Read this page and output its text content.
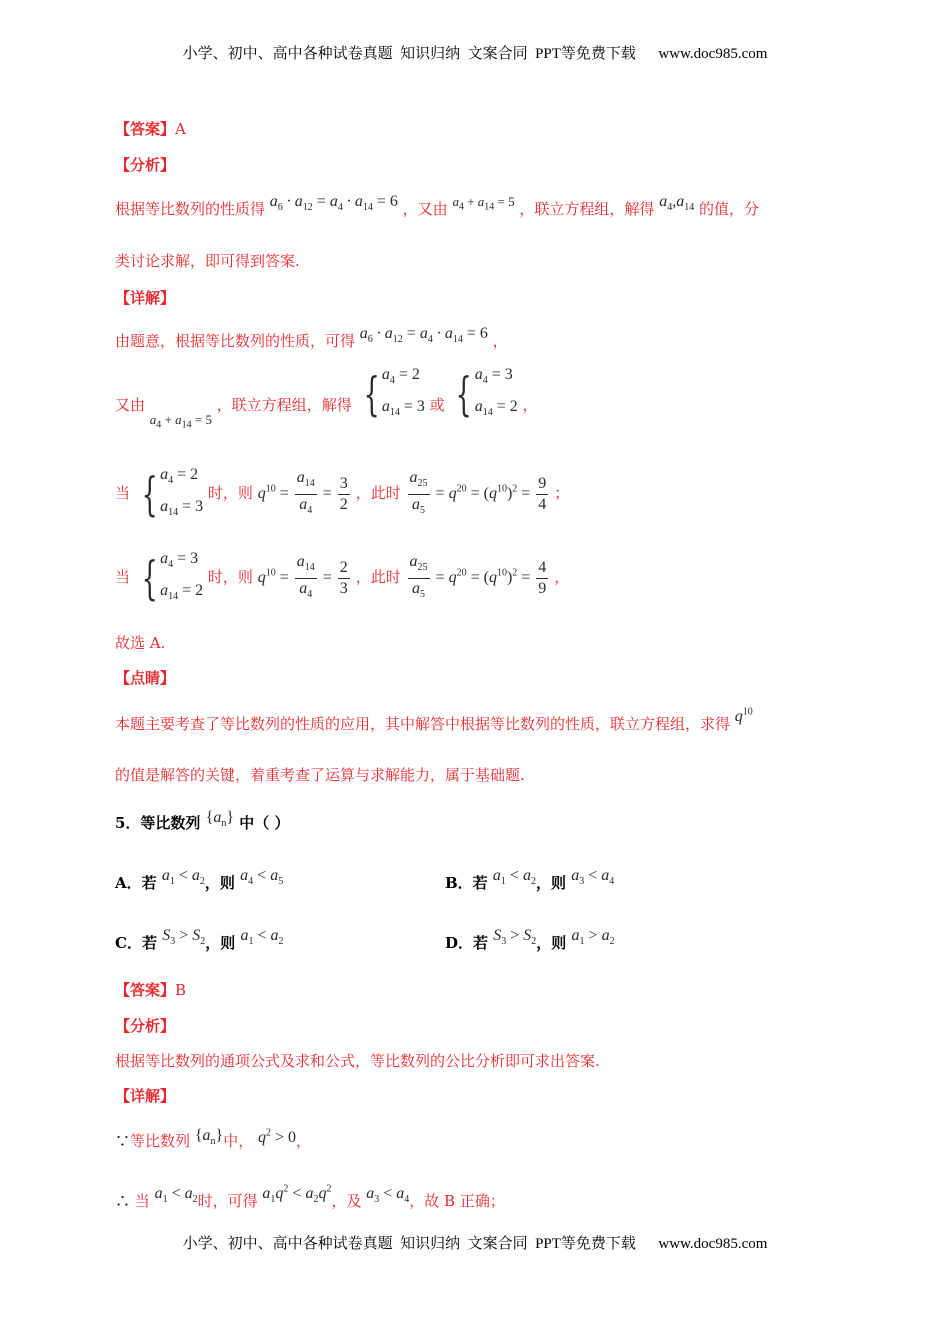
小学、初中、高中各种试卷真题  知识归纳  文案合同  PPT等免费下载      www.doc985.com
【答案】A
【分析】
根据等比数列的性质得 $a_6 \cdot a_{12} = a_4 \cdot a_{14} = 6$ ，又由 $a_4 + a_{14} = 5$ ，联立方程组，解得 $a_4,a_{14}$ 的值，分
类讨论求解，即可得到答案.
【详解】
由题意，根据等比数列的性质，可得 $a_6 \cdot a_{12} = a_4 \cdot a_{14} = 6$ ，
又由 $a_4 + a_{14} = 5$ ，联立方程组，解得 { $a_4 = 2$
$a_{14} = 3$ 或 { $a_4 = 3$
$a_{14} = 2$ ，
当 { $a_4 = 2$
$a_{14} = 3$
时，则 $q^{10} = \frac{a_{14}}{a_4} = \frac{3}{2}$ ，此时 $\frac{a_{25}}{a_5} = q^{20} = (q^{10})^2 = \frac{9}{4}$ ；
当 { $a_4 = 3$
$a_{14} = 2$
时，则 $q^{10} = \frac{a_{14}}{a_4} = \frac{2}{3}$ ，此时 $\frac{a_{25}}{a_5} = q^{20} = (q^{10})^2 = \frac{4}{9}$ ，
故选 A.
【点睛】
本题主要考查了等比数列的性质的应用，其中解答中根据等比数列的性质，联立方程组，求得 $q^{10}$
的值是解答的关键，着重考查了运算与求解能力，属于基础题.
5．等比数列 $\{a_n\}$ 中（ ）
A．若 $a_1 < a_2$，则 $a_4 < a_5$	B．若 $a_1 < a_2$，则 $a_3 < a_4$
C．若 $S_3 > S_2$，则 $a_1 < a_2$	D．若 $S_3 > S_2$，则 $a_1 > a_2$
【答案】B
【分析】
根据等比数列的通项公式及求和公式，等比数列的公比分析即可求出答案.
【详解】
∵等比数列 $\{a_n\}$中， $q^2 > 0$，
∴ 当 $a_1 < a_2$时，可得 $a_1q^2 < a_2q^2$，及 $a_3 < a_4$，故 B 正确；
小学、初中、高中各种试卷真题  知识归纳  文案合同  PPT等免费下载      www.doc985.com
